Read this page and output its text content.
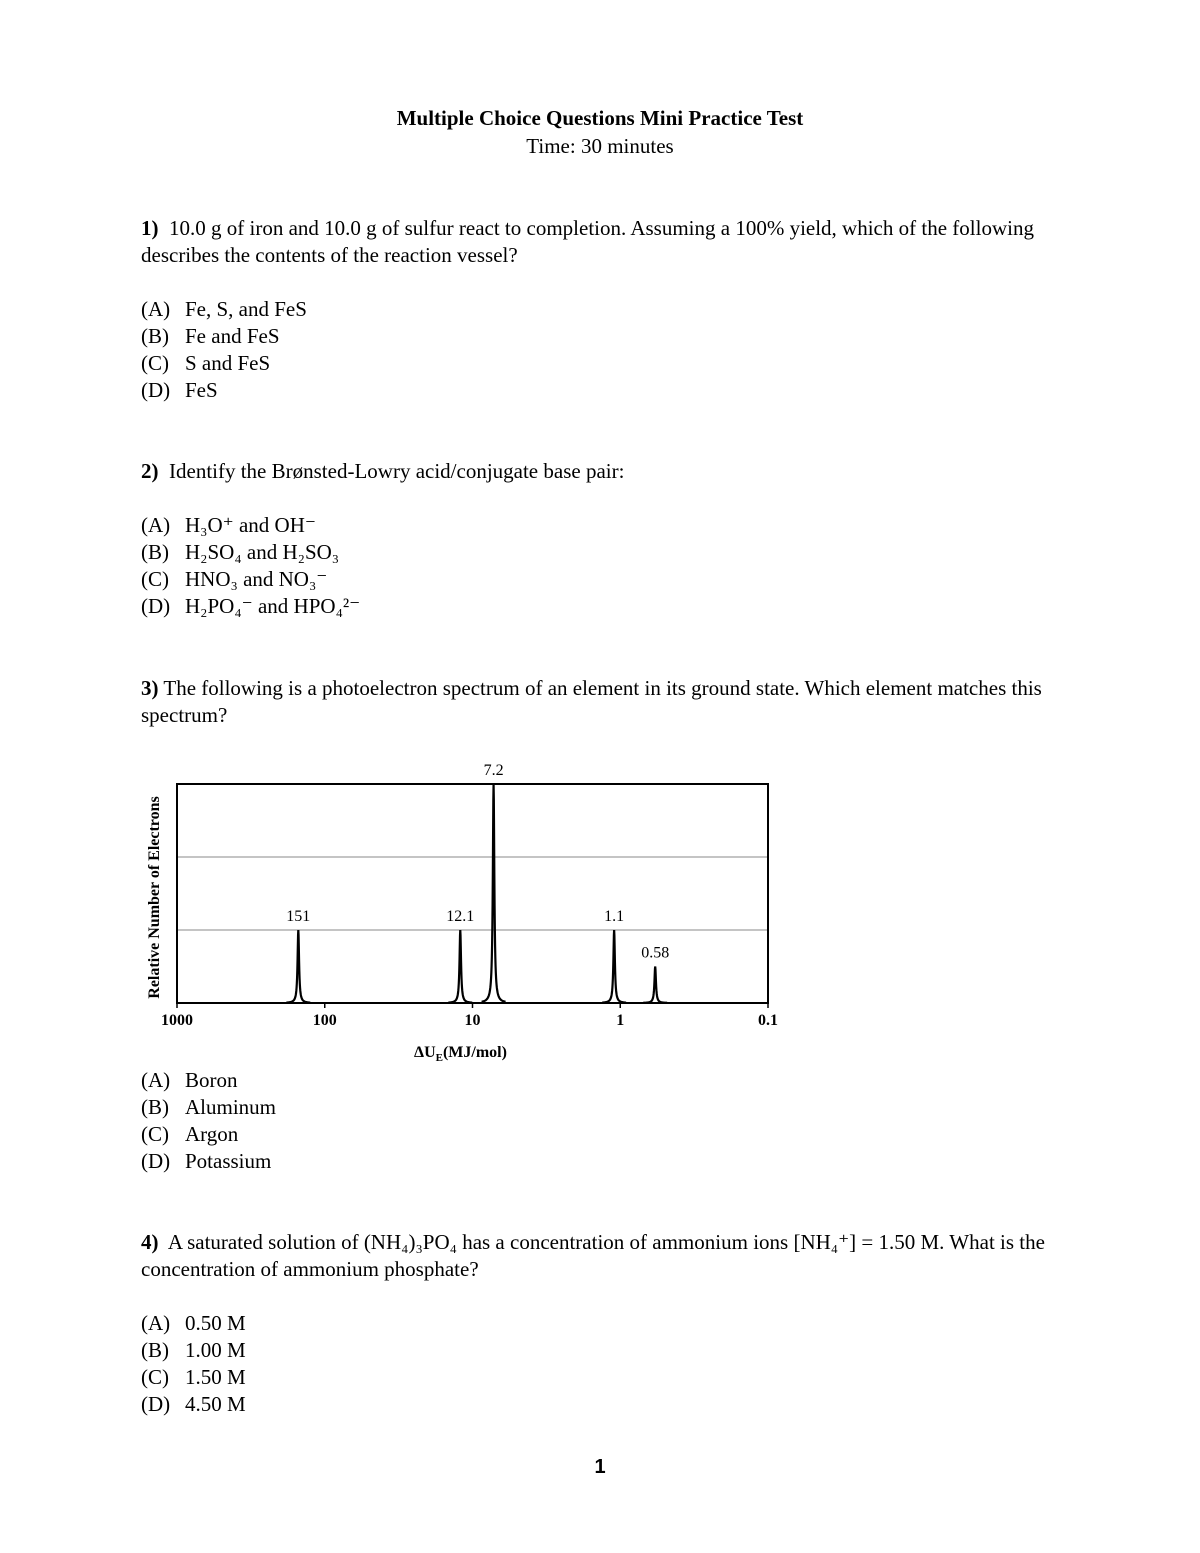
Multiple Choice Questions Mini Practice Test
Time: 30 minutes
1) 10.0 g of iron and 10.0 g of sulfur react to completion. Assuming a 100% yield, which of the following describes the contents of the reaction vessel?
(A) Fe, S, and FeS
(B) Fe and FeS
(C) S and FeS
(D) FeS
2) Identify the Brønsted-Lowry acid/conjugate base pair:
(A) H₃O⁺ and OH⁻
(B) H₂SO₄ and H₂SO₃
(C) HNO₃ and NO₃⁻
(D) H₂PO₄⁻ and HPO₄²⁻
3) The following is a photoelectron spectrum of an element in its ground state. Which element matches this spectrum?
151	12.1
7.2
1.1
0.58
1000	100	10	1	0.1
$\Delta U_E(MJ/mol)$
Relative Number of Electrons
(A) Boron
(B) Aluminum
(C) Argon
(D) Potassium
4) A saturated solution of (NH₄)₃PO₄ has a concentration of ammonium ions [NH₄⁺] = 1.50 M. What is the concentration of ammonium phosphate?
(A) 0.50 M
(B) 1.00 M
(C) 1.50 M
(D) 4.50 M
1
